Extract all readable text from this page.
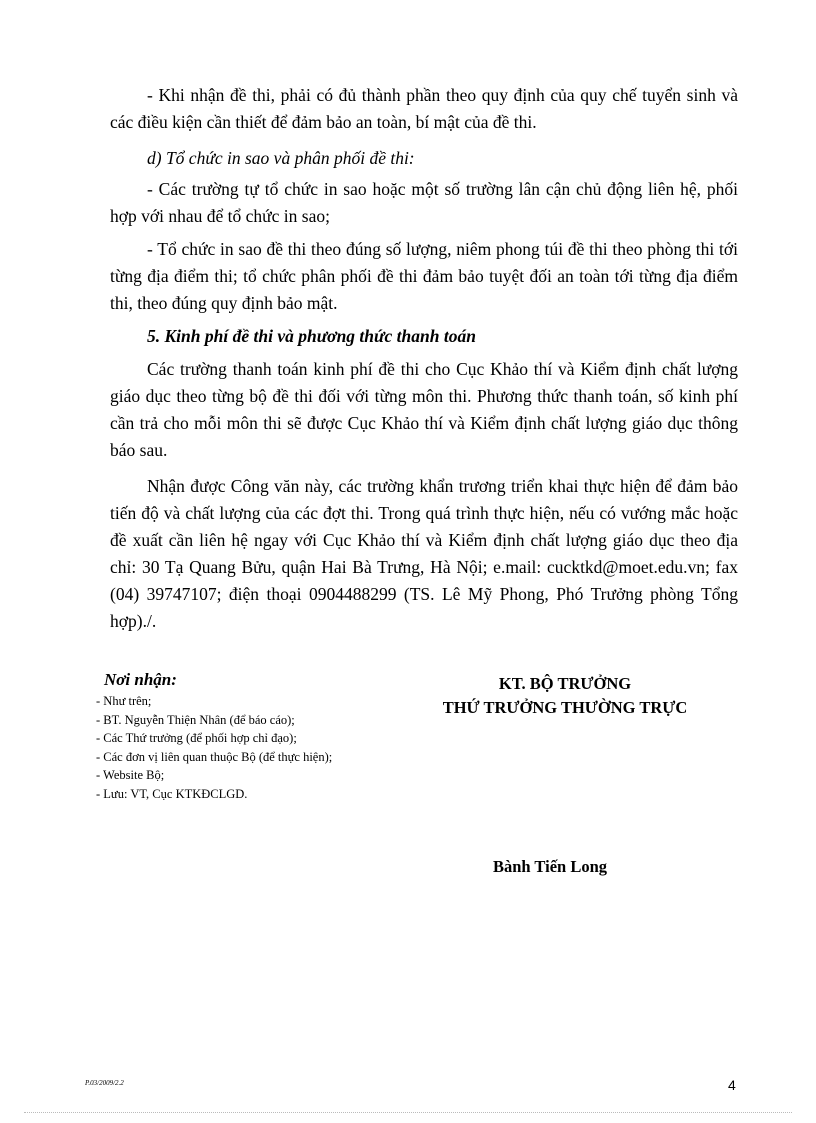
- Khi nhận đề thi, phải có đủ thành phần theo quy định của quy chế tuyển sinh và các điều kiện cần thiết để đảm bảo an toàn, bí mật của đề thi.

d) Tổ chức in sao và phân phối đề thi:

- Các trường tự tổ chức in sao hoặc một số trường lân cận chủ động liên hệ, phối hợp với nhau để tổ chức in sao;

- Tổ chức in sao đề thi theo đúng số lượng, niêm phong túi đề thi theo phòng thi tới từng địa điểm thi; tổ chức phân phối đề thi đảm bảo tuyệt đối an toàn tới từng địa điểm thi, theo đúng quy định bảo mật.

5. Kinh phí đề thi và phương thức thanh toán

Các trường thanh toán kinh phí đề thi cho Cục Khảo thí và Kiểm định chất lượng giáo dục theo từng bộ đề thi đối với từng môn thi. Phương thức thanh toán, số kinh phí cần trả cho mỗi môn thi sẽ được Cục Khảo thí và Kiểm định chất lượng giáo dục thông báo sau.

Nhận được Công văn này, các trường khẩn trương triển khai thực hiện để đảm bảo tiến độ và chất lượng của các đợt thi. Trong quá trình thực hiện, nếu có vướng mắc hoặc đề xuất cần liên hệ ngay với Cục Khảo thí và Kiểm định chất lượng giáo dục theo địa chỉ: 30 Tạ Quang Bửu, quận Hai Bà Trưng, Hà Nội; e.mail: cucktkd@moet.edu.vn; fax (04) 39747107; điện thoại 0904488299 (TS. Lê Mỹ Phong, Phó Trưởng phòng Tổng hợp)./.

Nơi nhận:

- Như trên;
- BT. Nguyễn Thiện Nhân (để báo cáo);
- Các Thứ trưởng (để phối hợp chỉ đạo);
- Các đơn vị liên quan thuộc Bộ (để thực hiện);
- Website Bộ;
- Lưu: VT, Cục KTKĐCLGD.

KT. BỘ TRƯỞNG

THỨ TRƯỞNG THƯỜNG TRỰC

Bành Tiến Long

P.03/2009/2.2	4
